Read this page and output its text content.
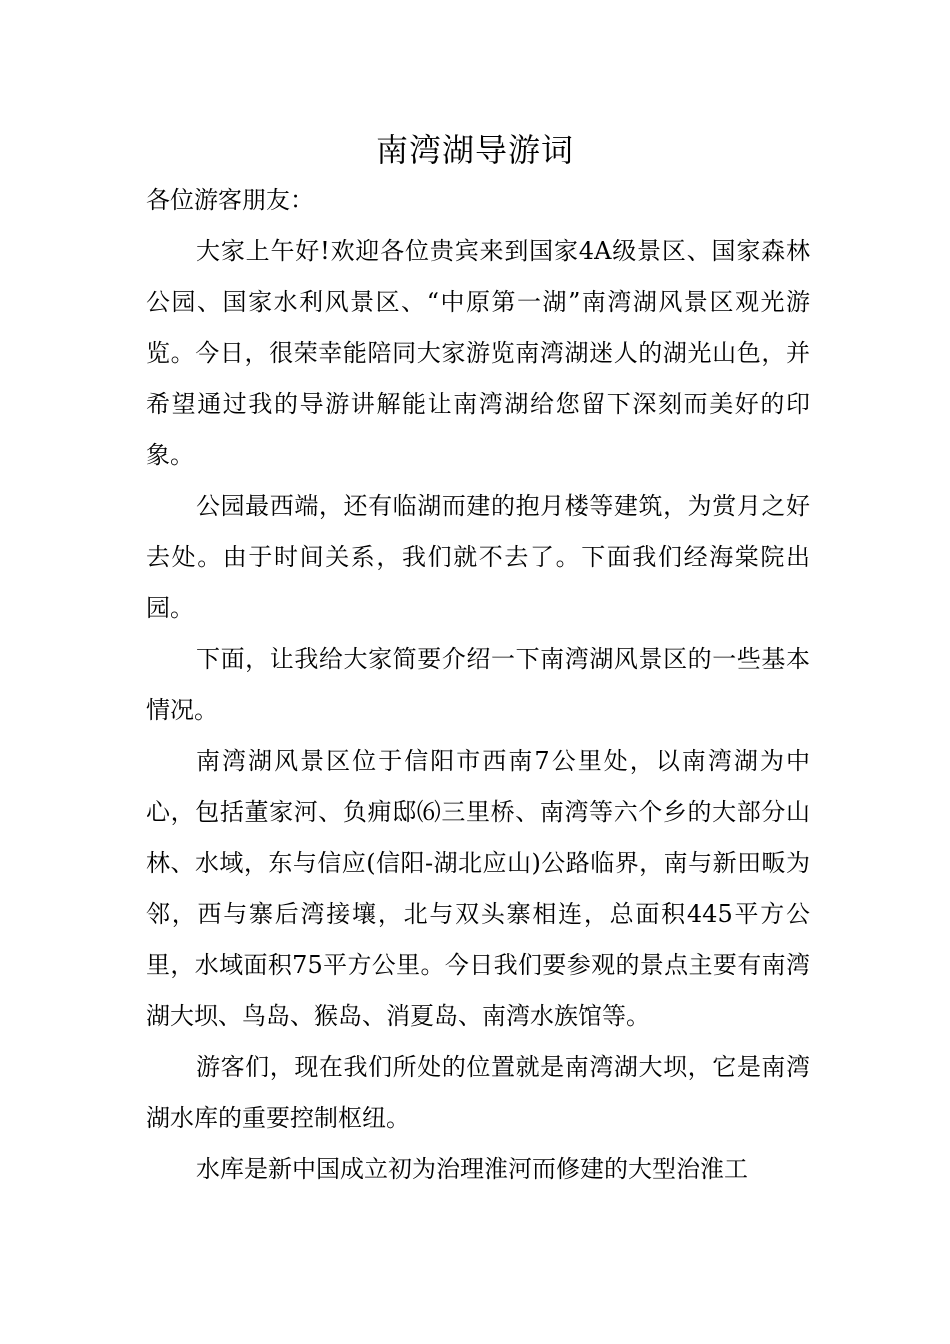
南湾湖导游词

各位游客朋友：

大家上午好!欢迎各位贵宾来到国家4A级景区、国家森林公园、国家水利风景区、“中原第一湖”南湾湖风景区观光游览。今日，很荣幸能陪同大家游览南湾湖迷人的湖光山色，并希望通过我的导游讲解能让南湾湖给您留下深刻而美好的印象。

公园最西端，还有临湖而建的抱月楼等建筑，为赏月之好去处。由于时间关系，我们就不去了。下面我们经海棠院出园。

下面，让我给大家简要介绍一下南湾湖风景区的一些基本情况。

南湾湖风景区位于信阳市西南7公里处，以南湾湖为中心，包括董家河、负痈邸⑹三里桥、南湾等六个乡的大部分山林、水域，东与信应(信阳-湖北应山)公路临界，南与新田畈为邻，西与寨后湾接壤，北与双头寨相连，总面积445平方公里，水域面积75平方公里。今日我们要参观的景点主要有南湾湖大坝、鸟岛、猴岛、消夏岛、南湾水族馆等。

游客们，现在我们所处的位置就是南湾湖大坝，它是南湾湖水库的重要控制枢纽。

水库是新中国成立初为治理淮河而修建的大型治淮工
